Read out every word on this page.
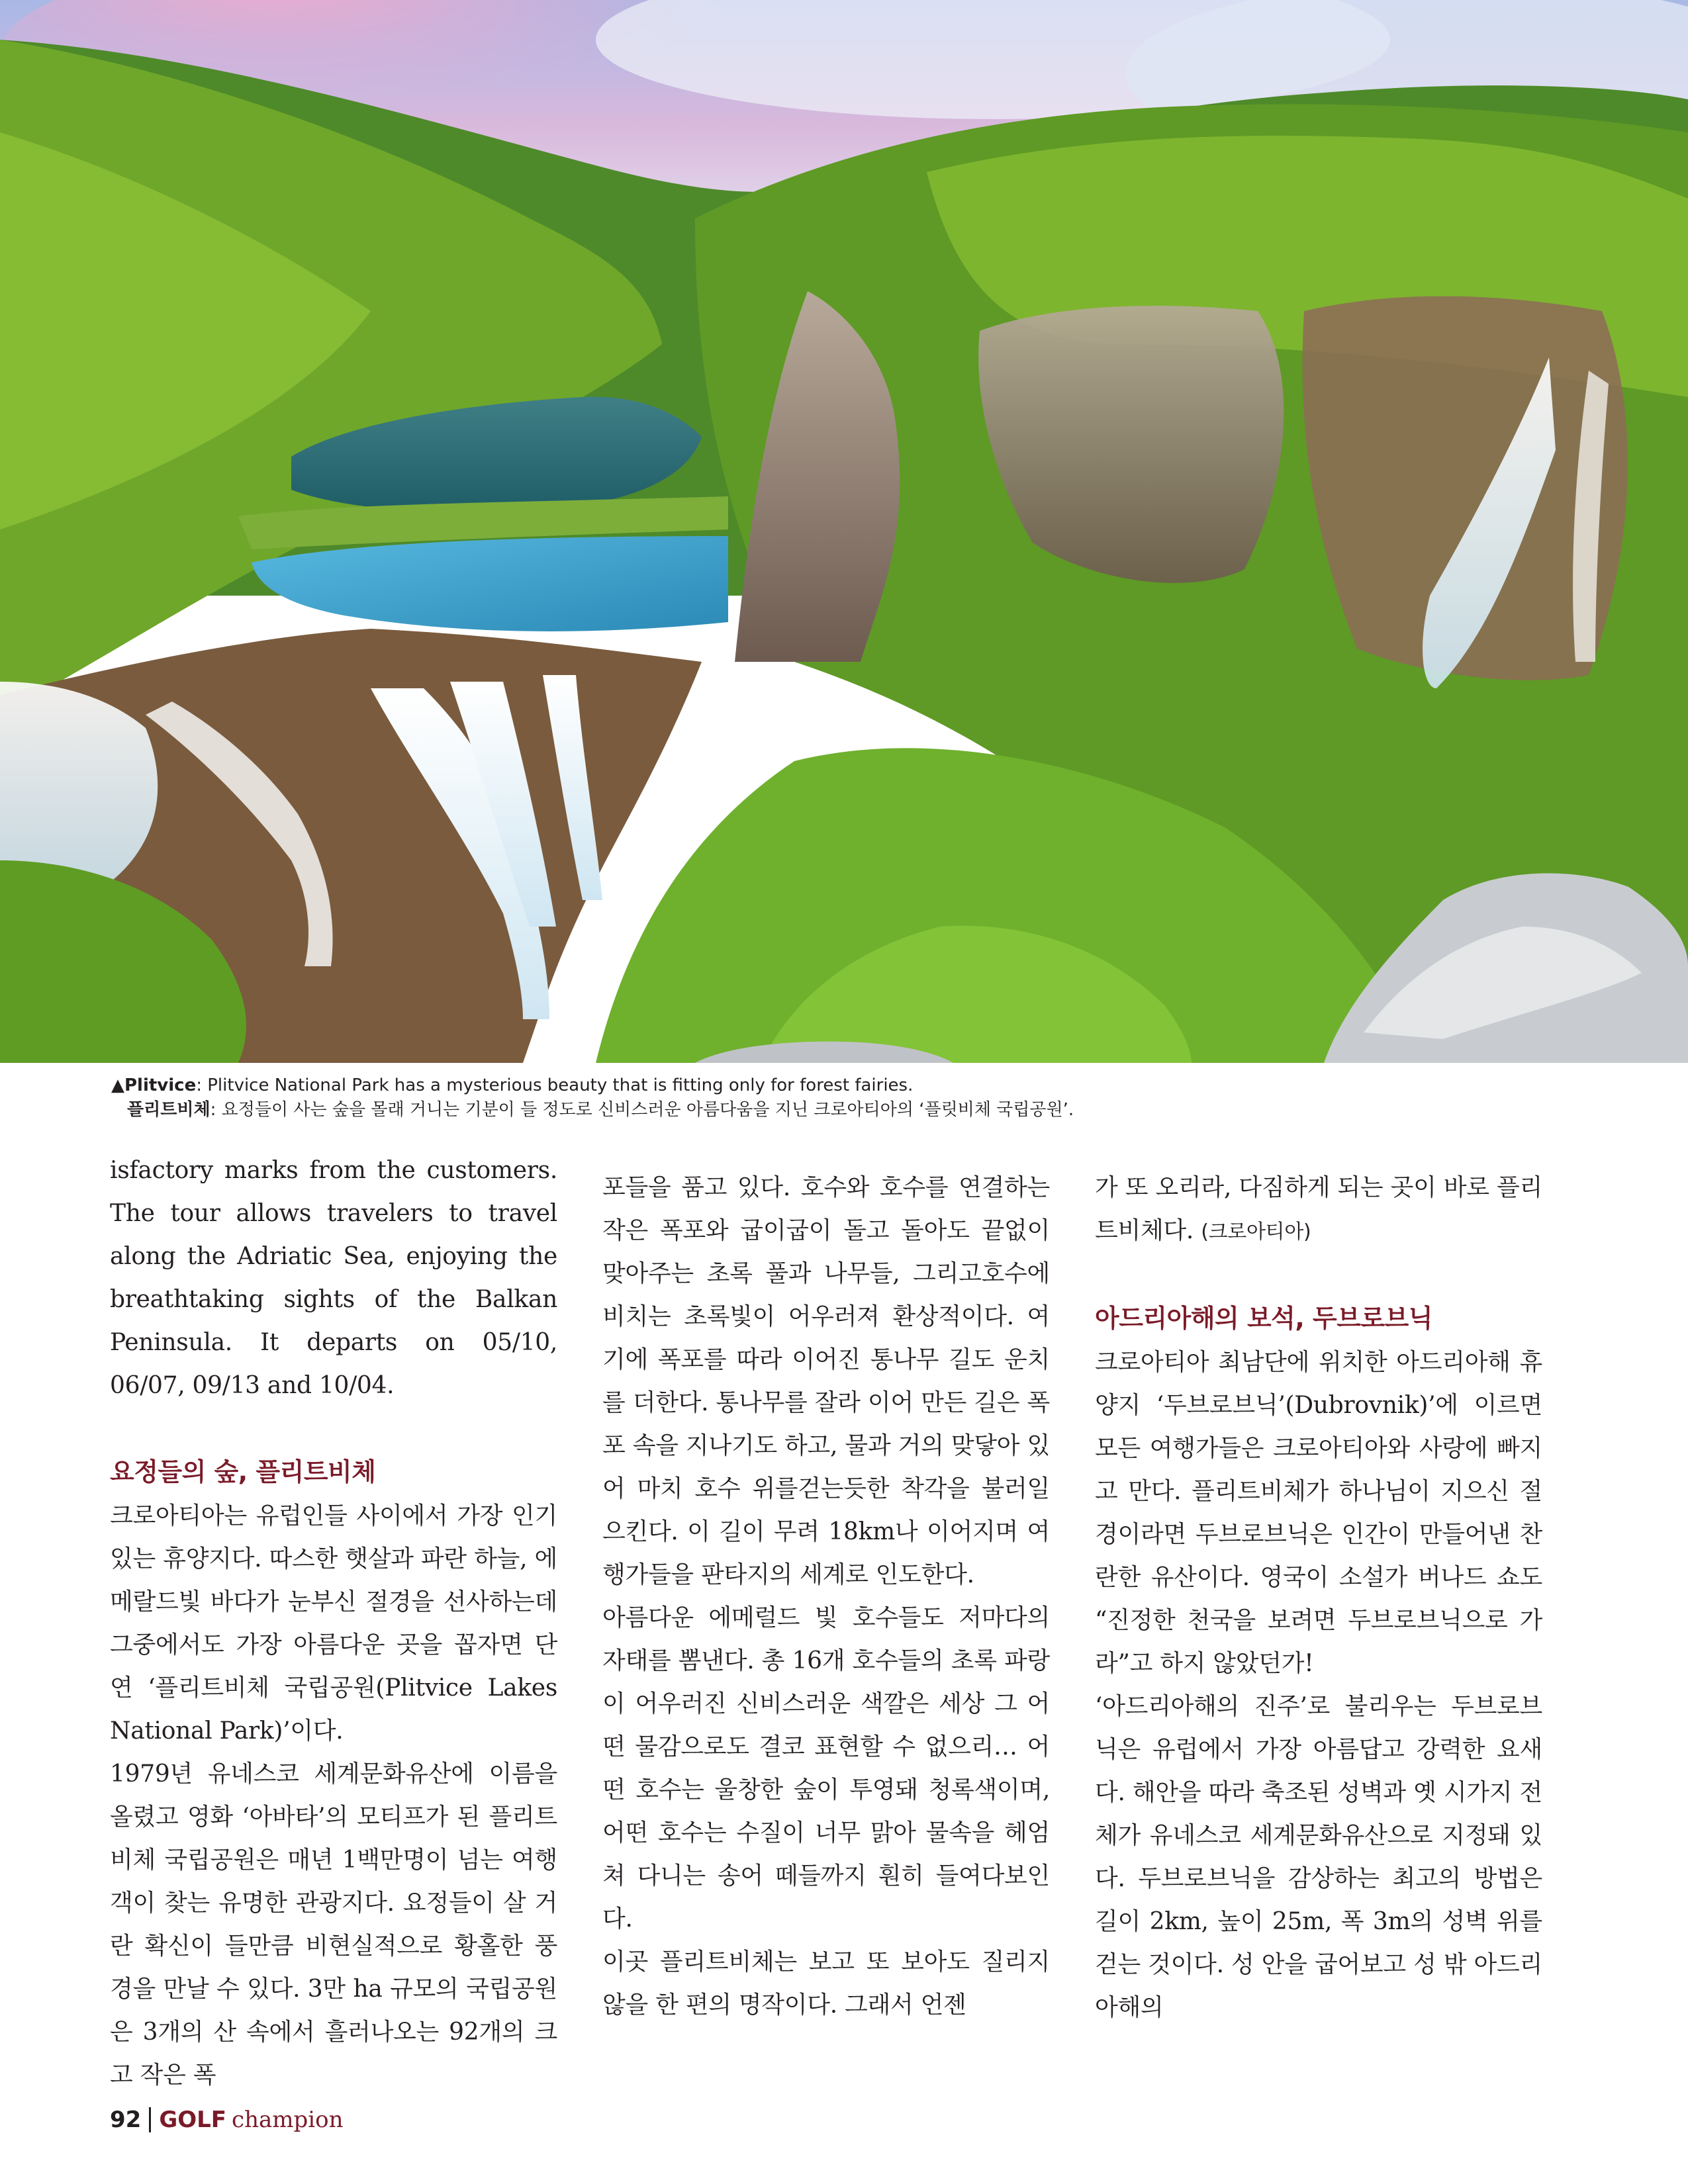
▲Plitvice: Plitvice National Park has a mysterious beauty that is fitting only for forest fairies.
플리트비체: 요정들이 사는 숲을 몰래 거니는 기분이 들 정도로 신비스러운 아름다움을 지닌 크로아티아의 ‘플릿비체 국립공원’.

isfactory marks from the customers. The tour allows travelers to travel along the Adriatic Sea, enjoying the breathtaking sights of the Balkan Peninsula. It departs on 05/10, 06/07, 09/13 and 10/04.

요정들의 숲, 플리트비체

크로아티아는 유럽인들 사이에서 가장 인기 있는 휴양지다. 따스한 햇살과 파란 하늘, 에메랄드빛 바다가 눈부신 절경을 선사하는데 그중에서도 가장 아름다운 곳을 꼽자면 단연 ‘플리트비체 국립공원(Plitvice Lakes National Park)’이다.

1979년 유네스코 세계문화유산에 이름을 올렸고 영화 ‘아바타’의 모티프가 된 플리트비체 국립공원은 매년 1백만명이 넘는 여행객이 찾는 유명한 관광지다. 요정들이 살 거란 확신이 들만큼 비현실적으로 황홀한 풍경을 만날 수 있다. 3만 ha 규모의 국립공원은 3개의 산 속에서 흘러나오는 92개의 크고 작은 폭

포들을 품고 있다. 호수와 호수를 연결하는 작은 폭포와 굽이굽이 돌고 돌아도 끝없이 맞아주는 초록 풀과 나무들, 그리고호수에 비치는 초록빛이 어우러져 환상적이다. 여기에 폭포를 따라 이어진 통나무 길도 운치를 더한다. 통나무를 잘라 이어 만든 길은 폭포 속을 지나기도 하고, 물과 거의 맞닿아 있어 마치 호수 위를걷는듯한 착각을 불러일으킨다. 이 길이 무려 18km나 이어지며 여행가들을 판타지의 세계로 인도한다.

아름다운 에메럴드 빛 호수들도 저마다의 자태를 뽐낸다. 총 16개 호수들의 초록 파랑이 어우러진 신비스러운 색깔은 세상 그 어떤 물감으로도 결코 표현할 수 없으리… 어떤 호수는 울창한 숲이 투영돼 청록색이며, 어떤 호수는 수질이 너무 맑아 물속을 헤엄쳐 다니는 송어 떼들까지 훤히 들여다보인다.

이곳 플리트비체는 보고 또 보아도 질리지 않을 한 편의 명작이다. 그래서 언젠

가 또 오리라, 다짐하게 되는 곳이 바로 플리트비체다. (크로아티아)

아드리아해의 보석, 두브로브닉

크로아티아 최남단에 위치한 아드리아해 휴양지 ‘두브로브닉’(Dubrovnik)’에 이르면 모든 여행가들은 크로아티아와 사랑에 빠지고 만다. 플리트비체가 하나님이 지으신 절경이라면 두브로브닉은 인간이 만들어낸 찬란한 유산이다. 영국이 소설가 버나드 쇼도 “진정한 천국을 보려면 두브로브닉으로 가라”고 하지 않았던가!

‘아드리아해의 진주’로 불리우는 두브로브닉은 유럽에서 가장 아름답고 강력한 요새다. 해안을 따라 축조된 성벽과 옛 시가지 전체가 유네스코 세계문화유산으로 지정돼 있다. 두브로브닉을 감상하는 최고의 방법은 길이 2km, 높이 25m, 폭 3m의 성벽 위를 걷는 것이다. 성 안을 굽어보고 성 밖 아드리아해의

92 GOLF champion
